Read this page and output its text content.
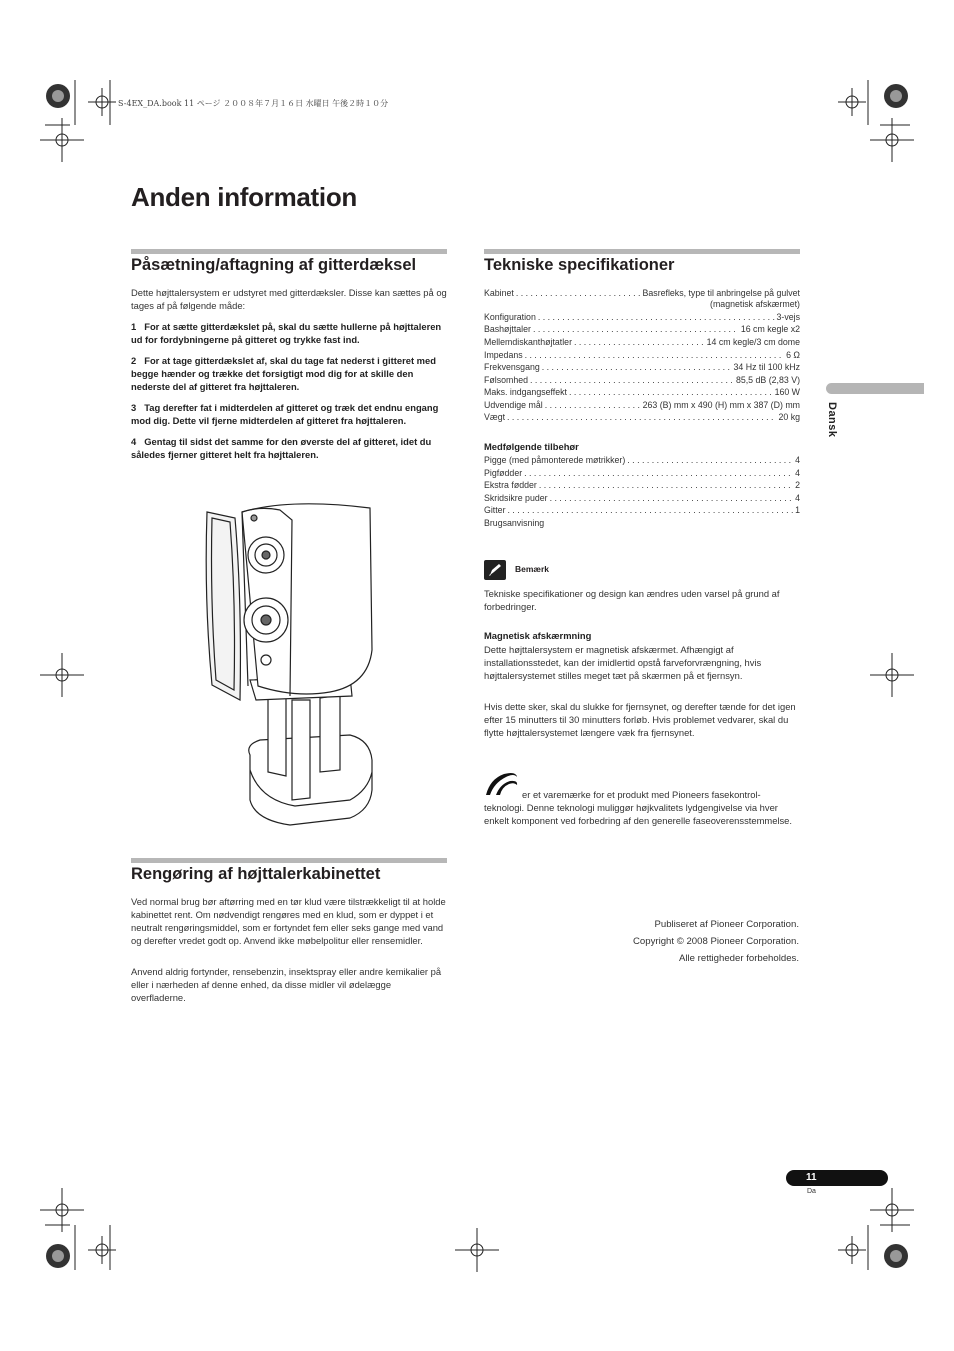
S-4EX_DA.book 11 ページ ２００８年７月１６日 水曜日 午後２時１０分
Anden information
Påsætning/aftagning af gitterdæksel

Dette højttalersystem er udstyret med gitterdæksler. Disse kan sættes på og tages af på følgende måde:

1 For at sætte gitterdækslet på, skal du sætte hullerne på højttaleren ud for fordybningerne på gitteret og trykke fast ind.

2 For at tage gitterdækslet af, skal du tage fat nederst i gitteret med begge hænder og trække det forsigtigt mod dig for at skille den nederste del af gitteret fra højttaleren.

3 Tag derefter fat i midterdelen af gitteret og træk det endnu engang mod dig. Dette vil fjerne midterdelen af gitteret fra højttaleren.

4 Gentag til sidst det samme for den øverste del af gitteret, idet du således fjerner gitteret helt fra højttaleren.

Rengøring af højttalerkabinettet

Ved normal brug bør aftørring med en tør klud være tilstrækkeligt til at holde kabinettet rent. Om nødvendigt rengøres med en klud, som er dyppet i et neutralt rengøringsmiddel, som er fortyndet fem eller seks gange med vand og derefter vredet godt op. Anvend ikke møbelpolitur eller rensemidler.

Anvend aldrig fortynder, rensebenzin, insektspray eller andre kemikalier på eller i nærheden af denne enhed, da disse midler vil ødelægge overfladerne.

Tekniske specifikationer
Kabinet . . .	Basrefleks, type til anbringelse på gulvet
(magnetisk afskærmet)
Konfiguration . . .	3-vejs
Bashøjttaler . . .	16 cm kegle x2
Mellemdiskanthøjtatler . . .	14 cm kegle/3 cm dome
Impedans . . .	6 Ω
Frekvensgang . . .	34 Hz til 100 kHz
Følsomhed . . .	85,5 dB (2,83 V)
Maks. indgangseffekt . . .	160 W
Udvendige mål . . .	263 (B) mm x 490 (H) mm x 387 (D) mm
Vægt . . .	20 kg

Medfølgende tilbehør

Pigge (med påmonterede møtrikker) . . .	4
Pigfødder . . .	4
Ekstra fødder . . .	2
Skridsikre puder . . .	4
Gitter . . .	1
Brugsanvisning
Bemærk

Tekniske specifikationer og design kan ændres uden varsel på grund af forbedringer.

Magnetisk afskærmning

Dette højttalersystem er magnetisk afskærmet. Afhængigt af installationsstedet, kan der imidlertid opstå farveforvrængning, hvis højttalersystemet stilles meget tæt på skærmen på et fjernsyn.

Hvis dette sker, skal du slukke for fjernsynet, og derefter tænde for det igen efter 15 minutters til 30 minutters forløb. Hvis problemet vedvarer, skal du flytte højttalersystemet længere væk fra fjernsynet.

er et varemærke for et produkt med Pioneers fasekontrol-teknologi. Denne teknologi muliggør højkvalitets lydgengivelse via hver enkelt komponent ved forbedring af den generelle faseoverensstemmelse.

Publiseret af Pioneer Corporation.
Copyright © 2008 Pioneer Corporation.
Alle rettigheder forbeholdes.
Dansk
11
Da
